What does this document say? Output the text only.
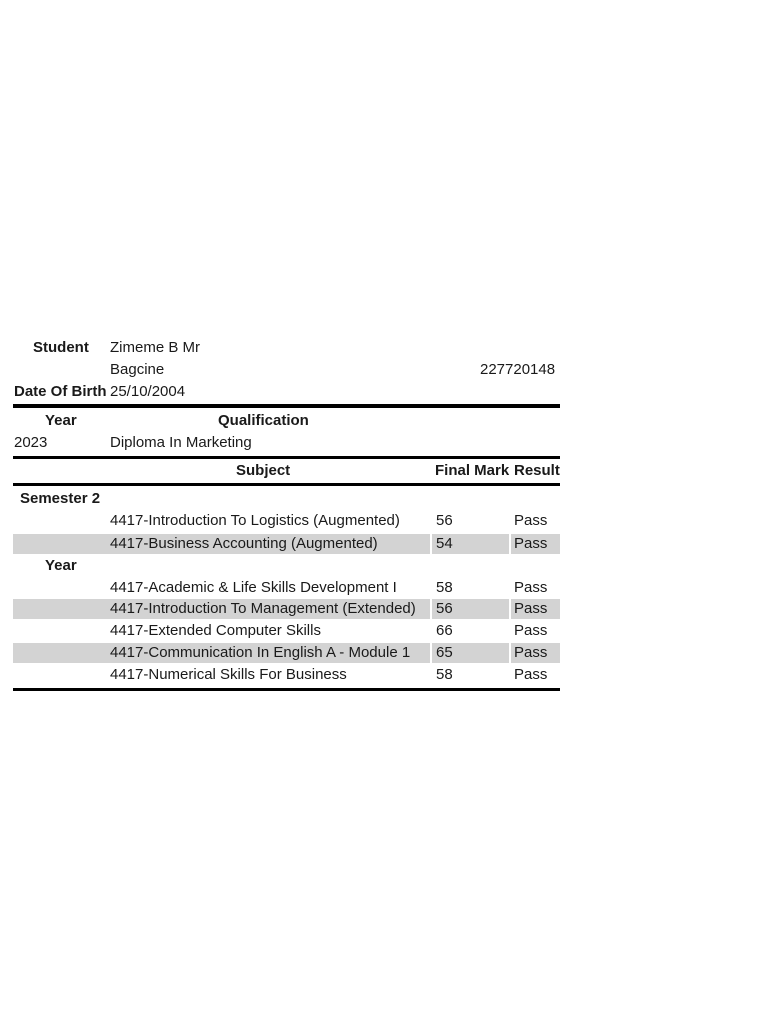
Student Zimeme B Mr
Bagcine	227720148
Date Of Birth 25/10/2004
Year	Qualification
2023	Diploma In Marketing
Subject	Final Mark Result
Semester 2
4417-Introduction To Logistics (Augmented) 56	Pass
4417-Business Accounting (Augmented)	54	Pass
Year
4417-Academic & Life Skills Development I	58	Pass
4417-Introduction To Management (Extended) 56	Pass
4417-Extended Computer Skills	66	Pass
4417-Communication In English A - Module 1 65	Pass
4417-Numerical Skills For Business	58	Pass
